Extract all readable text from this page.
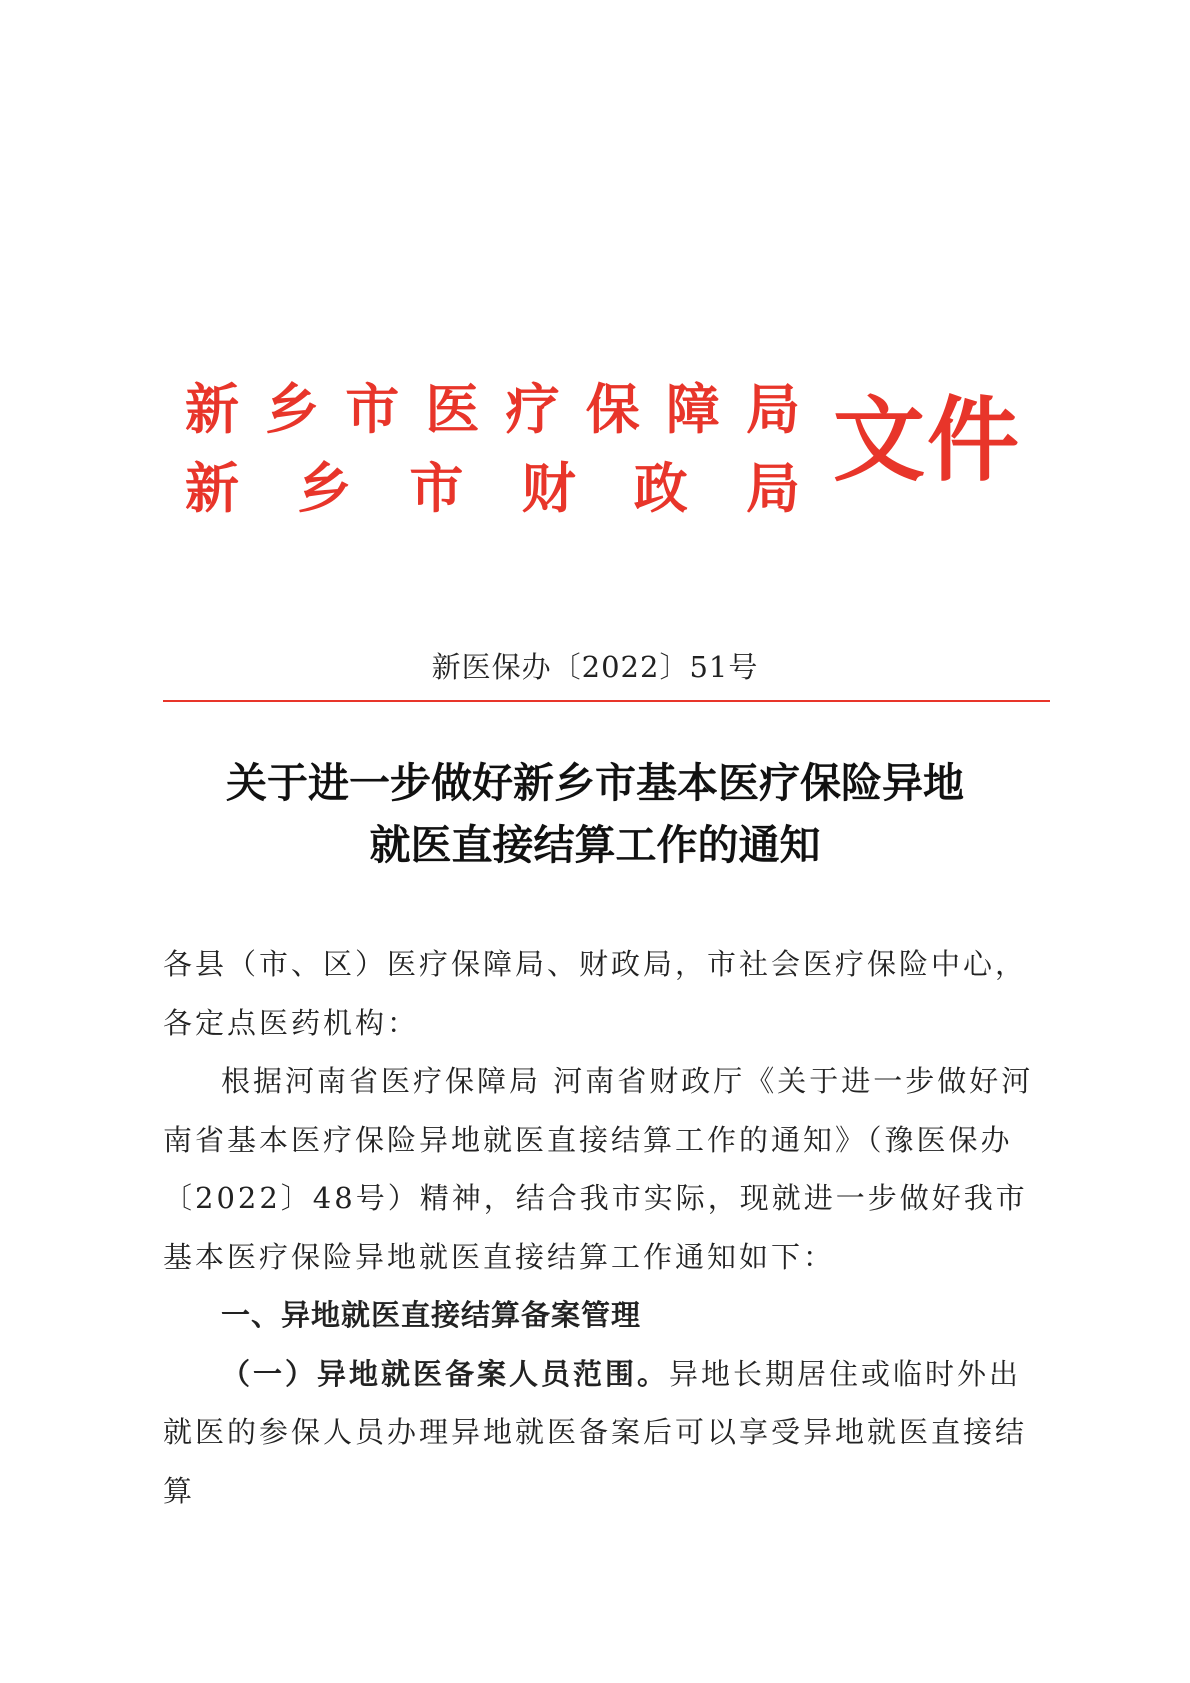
新 乡 市 医 疗 保 障 局
新 乡 市 财 政 局 文件
新医保办〔2022〕51号
关于进一步做好新乡市基本医疗保险异地
就医直接结算工作的通知

各县（市、区）医疗保障局、财政局，市社会医疗保险中心，各定点医药机构：

根据河南省医疗保障局 河南省财政厅《关于进一步做好河南省基本医疗保险异地就医直接结算工作的通知》（豫医保办〔2022〕48号）精神，结合我市实际，现就进一步做好我市基本医疗保险异地就医直接结算工作通知如下：

一、异地就医直接结算备案管理

（一）异地就医备案人员范围。异地长期居住或临时外出就医的参保人员办理异地就医备案后可以享受异地就医直接结算
